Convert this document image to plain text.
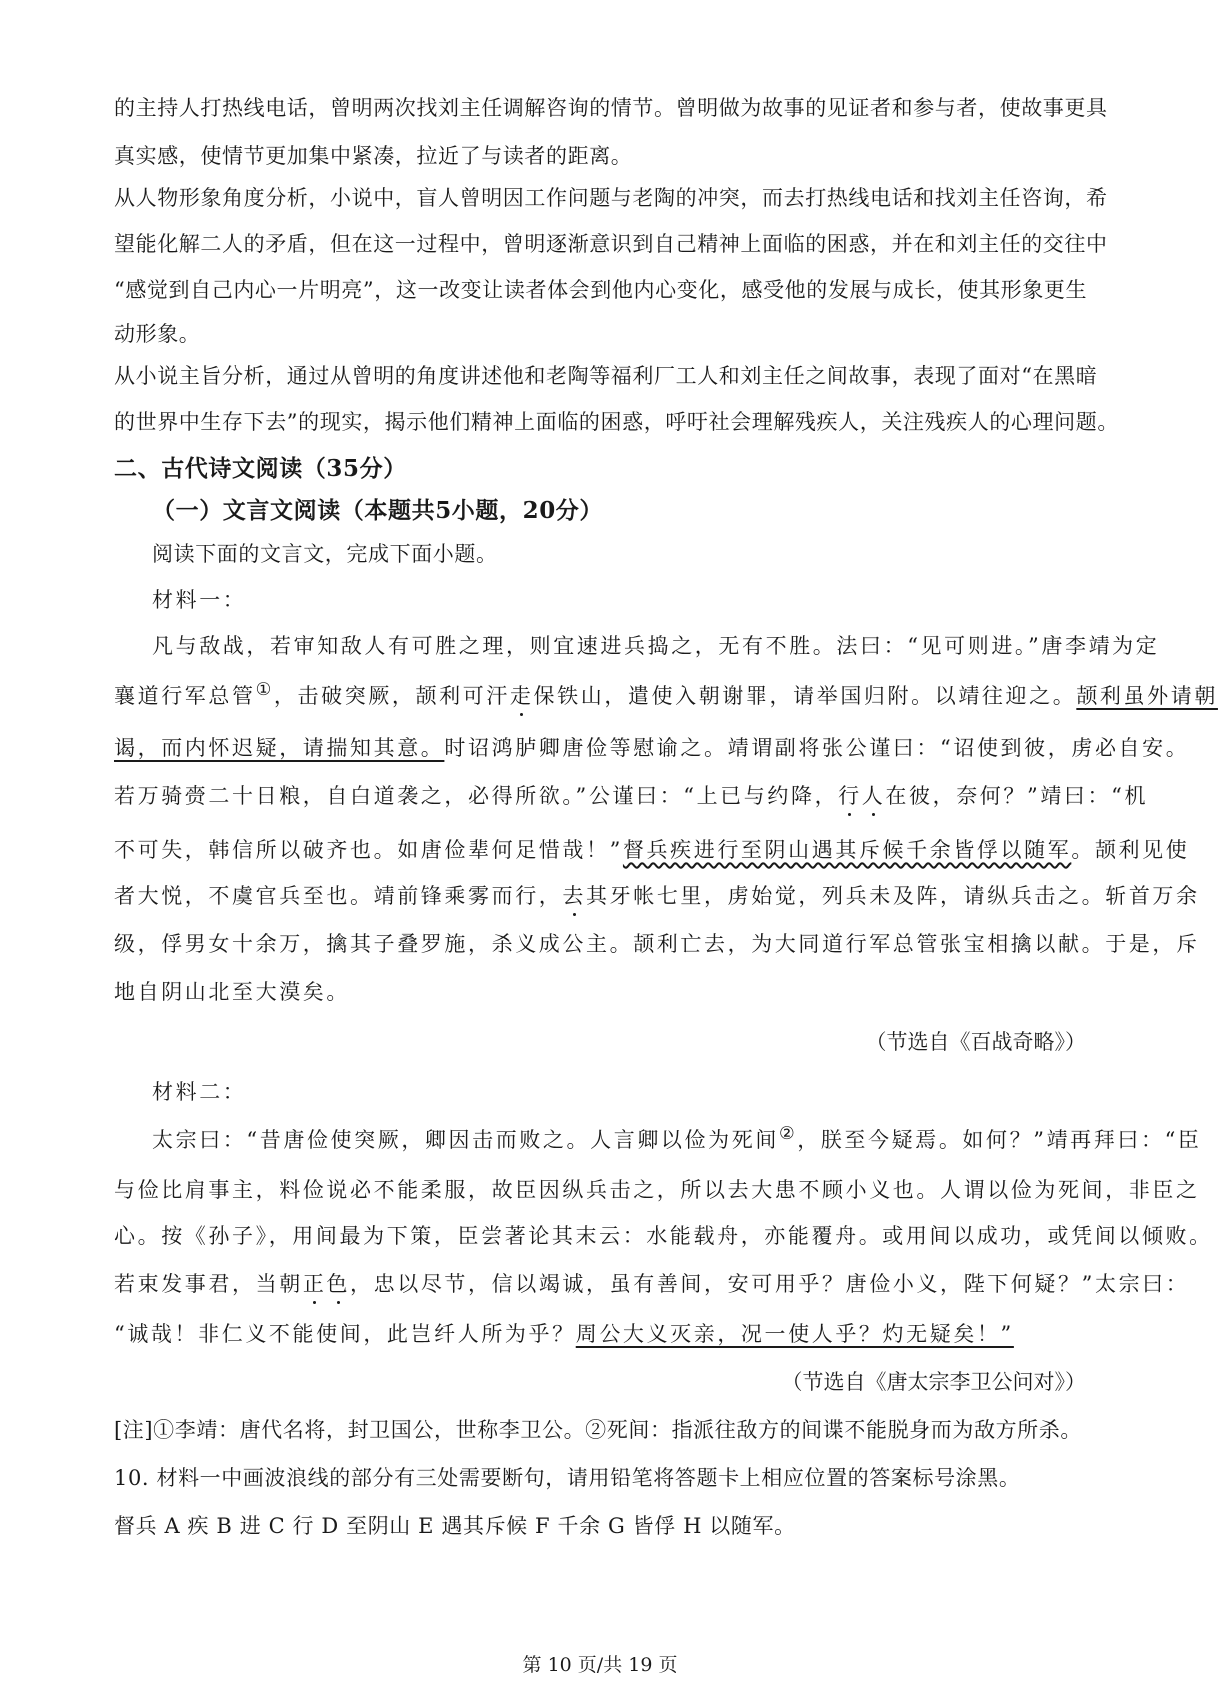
的主持人打热线电话，曾明两次找刘主任调解咨询的情节。曾明做为故事的见证者和参与者，使故事更具

真实感，使情节更加集中紧凑，拉近了与读者的距离。

从人物形象角度分析，小说中，盲人曾明因工作问题与老陶的冲突，而去打热线电话和找刘主任咨询，希

望能化解二人的矛盾，但在这一过程中，曾明逐渐意识到自己精神上面临的困惑，并在和刘主任的交往中

“感觉到自己内心一片明亮”，这一改变让读者体会到他内心变化，感受他的发展与成长，使其形象更生

动形象。

从小说主旨分析，通过从曾明的角度讲述他和老陶等福利厂工人和刘主任之间故事，表现了面对“在黑暗

的世界中生存下去”的现实，揭示他们精神上面临的困惑，呼吁社会理解残疾人，关注残疾人的心理问题。

二、古代诗文阅读（35分）

（一）文言文阅读（本题共5小题，20分）

阅读下面的文言文，完成下面小题。

材料一：

凡与敌战，若审知敌人有可胜之理，则宜速进兵捣之，无有不胜。法曰：“见可则进。”唐李靖为定

襄道行军总管①，击破突厥，颉利可汗走保铁山，遣使入朝谢罪，请举国归附。以靖往迎之。颉利虽外请朝

谒，而内怀迟疑，请揣知其意。时诏鸿胪卿唐俭等慰谕之。靖谓副将张公谨曰：“诏使到彼，虏必自安。

若万骑赍二十日粮，自白道袭之，必得所欲。”公谨曰：“上已与约降，行人在彼，奈何？”靖曰：“机

不可失，韩信所以破齐也。如唐俭辈何足惜哉！”督兵疾进行至阴山遇其斥候千余皆俘以随军。颉利见使

者大悦，不虞官兵至也。靖前锋乘雾而行，去其牙帐七里，虏始觉，列兵未及阵，请纵兵击之。斩首万余

级，俘男女十余万，擒其子叠罗施，杀义成公主。颉利亡去，为大同道行军总管张宝相擒以献。于是，斥

地自阴山北至大漠矣。

（节选自《百战奇略》）

材料二：

太宗曰：“昔唐俭使突厥，卿因击而败之。人言卿以俭为死间②，朕至今疑焉。如何？”靖再拜曰：“臣

与俭比肩事主，料俭说必不能柔服，故臣因纵兵击之，所以去大患不顾小义也。人谓以俭为死间，非臣之

心。按《孙子》，用间最为下策，臣尝著论其末云：水能载舟，亦能覆舟。或用间以成功，或凭间以倾败。

若束发事君，当朝正色，忠以尽节，信以竭诚，虽有善间，安可用乎？唐俭小义，陛下何疑？”太宗曰：

“诚哉！非仁义不能使间，此岂纤人所为乎？周公大义灭亲，况一使人乎？灼无疑矣！”

（节选自《唐太宗李卫公问对》）

[注]①李靖：唐代名将，封卫国公，世称李卫公。②死间：指派往敌方的间谍不能脱身而为敌方所杀。

10. 材料一中画波浪线的部分有三处需要断句，请用铅笔将答题卡上相应位置的答案标号涂黑。

督兵 A 疾 B 进 C 行 D 至阴山 E 遇其斥候 F 千余 G 皆俘 H 以随军。

第 10 页/共 19 页
